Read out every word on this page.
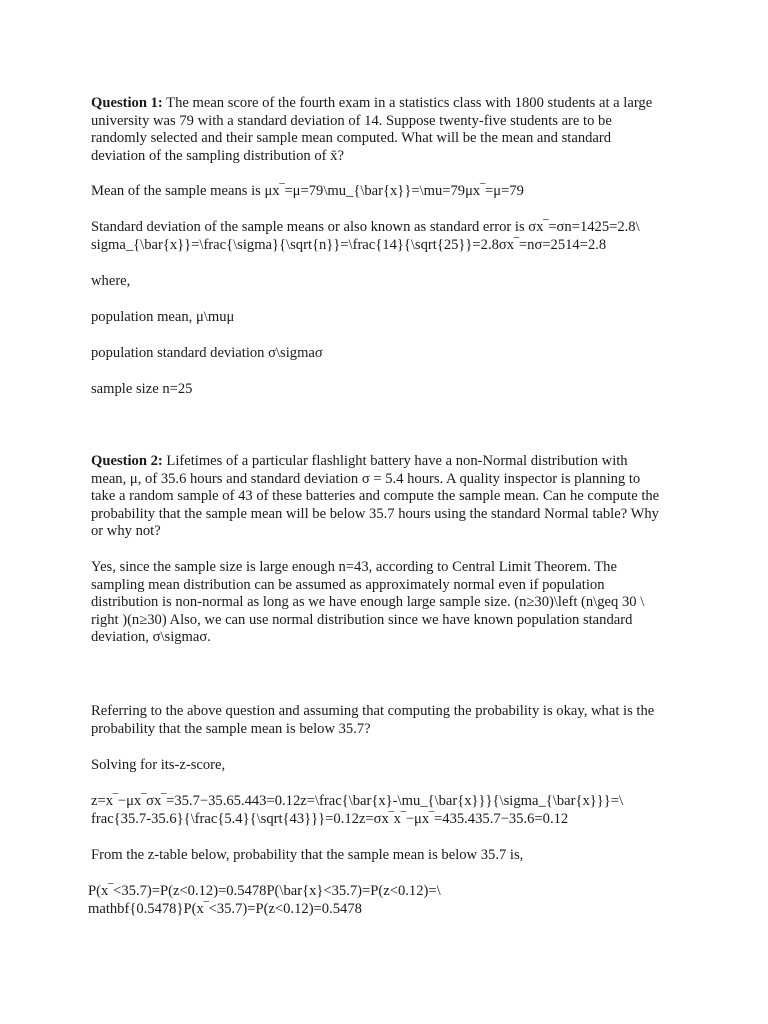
Question 1: The mean score of the fourth exam in a statistics class with 1800 students at a large
university was 79 with a standard deviation of 14. Suppose twenty-five students are to be
randomly selected and their sample mean computed. What will be the mean and standard
deviation of the sampling distribution of x̄?

Mean of the sample means is μx‾=μ=79\mu_{\bar{x}}=\mu=79μx‾=μ=79

Standard deviation of the sample means or also known as standard error is σx‾=σn=1425=2.8\
sigma_{\bar{x}}=\frac{\sigma}{\sqrt{n}}=\frac{14}{\sqrt{25}}=2.8σx‾=nσ=2514=2.8

where,

population mean, μ\muμ

population standard deviation σ\sigmaσ

sample size n=25

Question 2: Lifetimes of a particular flashlight battery have a non-Normal distribution with
mean, μ, of 35.6 hours and standard deviation σ = 5.4 hours. A quality inspector is planning to
take a random sample of 43 of these batteries and compute the sample mean. Can he compute the
probability that the sample mean will be below 35.7 hours using the standard Normal table? Why
or why not?

Yes, since the sample size is large enough n=43, according to Central Limit Theorem. The
sampling mean distribution can be assumed as approximately normal even if population
distribution is non-normal as long as we have enough large sample size. (n≥30)\left (n\geq 30 \
right )(n≥30) Also, we can use normal distribution since we have known population standard
deviation, σ\sigmaσ.

Referring to the above question and assuming that computing the probability is okay, what is the
probability that the sample mean is below 35.7?

Solving for its-z-score,

z=x‾−μx‾σx‾=35.7−35.65.443=0.12z=\frac{\bar{x}-\mu_{\bar{x}}}{\sigma_{\bar{x}}}=\
frac{35.7-35.6}{\frac{5.4}{\sqrt{43}}}=0.12z=σx‾x‾−μx‾=435.435.7−35.6=0.12

From the z-table below, probability that the sample mean is below 35.7 is,

P(x‾<35.7)=P(z<0.12)=0.5478P(\bar{x}<35.7)=P(z<0.12)=\
mathbf{0.5478}P(x‾<35.7)=P(z<0.12)=0.5478
